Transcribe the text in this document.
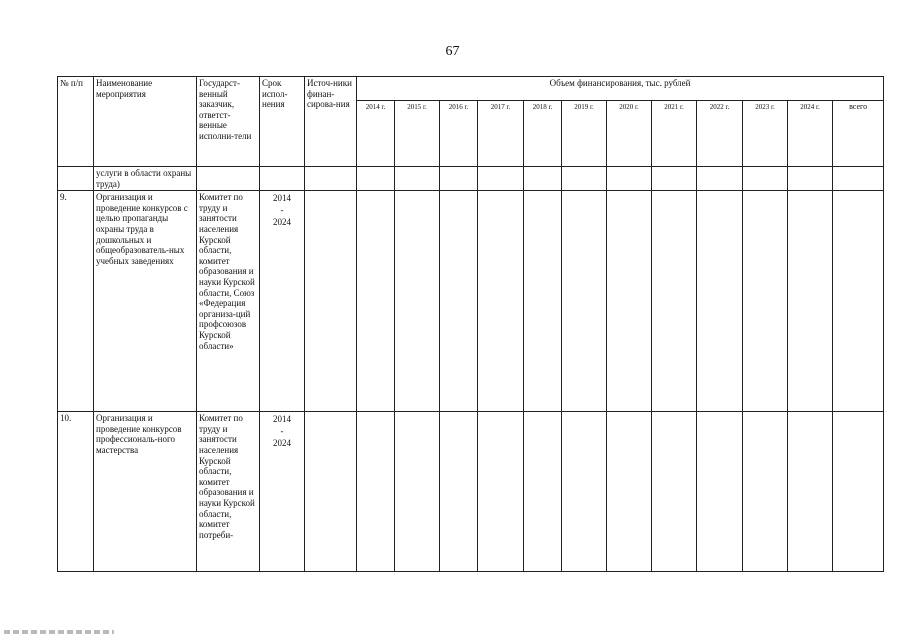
67
№ п/п	Наименование мероприятия	Государст-венный заказчик, ответст-венные исполни-тели	Срок испол-нения	Источ-ники финан-сирова-ния	Объем финансирования, тыс. рублей											
					2014 г.	2015 г.	2016 г.	2017 г.	2018 г.	2019 г.	2020 г.	2021 г.	2022 г.	2023 г.	2024 г.	всего
	услуги в области охраны труда)															
9.	Организация и проведение конкурсов с целью пропаганды охраны труда в дошкольных и общеобразователь-ных учебных заведениях	Комитет по труду и занятости населения Курской области, комитет образования и науки Курской области, Союз «Федерация организа-ций профсоюзов Курской области»	2014
-
2024													

10.	Организация и проведение конкурсов профессиональ-ного мастерства	Комитет по труду и занятости населения Курской области, комитет образования и науки Курской области, комитет потреби-	2014
-
2024													
